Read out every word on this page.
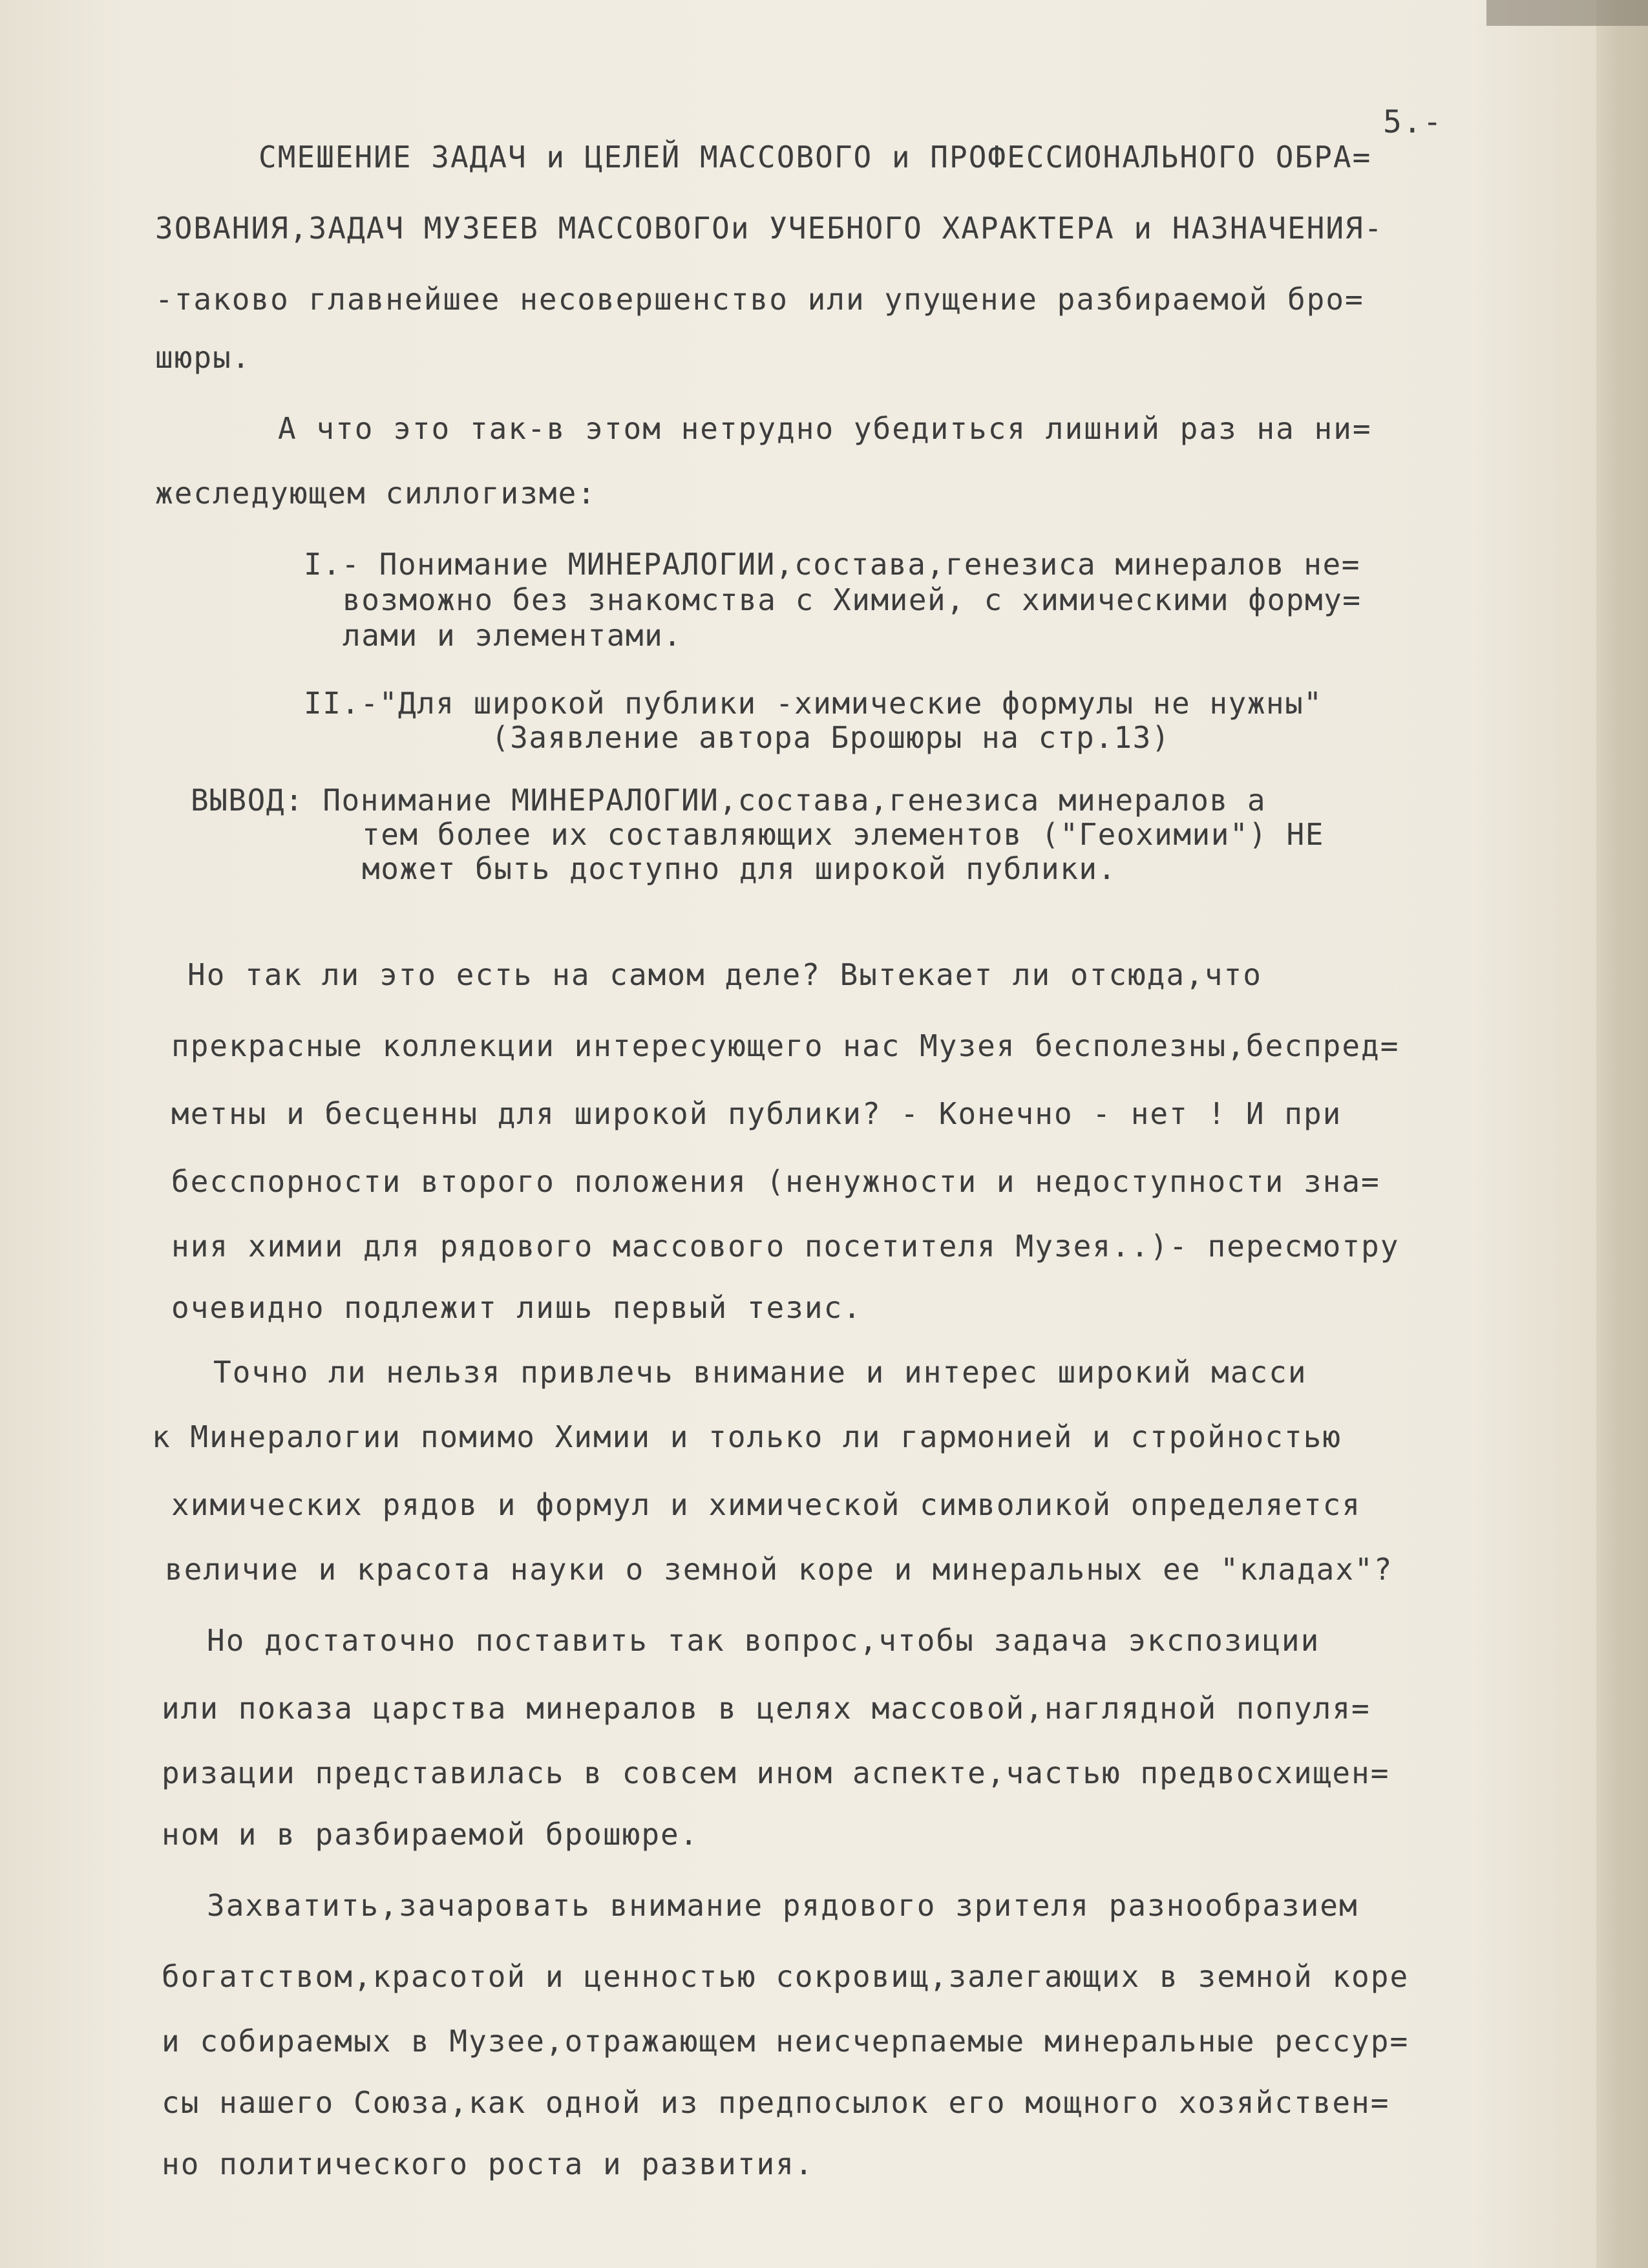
5.-

СМЕШЕНИЕ ЗАДАЧ и ЦЕЛЕЙ МАССОВОГО и ПРОФЕССИОНАЛЬНОГО ОБРА=

ЗОВАНИЯ,ЗАДАЧ МУЗЕЕВ МАССОВОГОи УЧЕБНОГО ХАРАКТЕРА и НАЗНАЧЕНИЯ-

-таково главнейшее несовершенство или упущение разбираемой бро=

шюры.

А что это так-в этом нетрудно убедиться лишний раз на ни=

жеследующем силлогизме:

I.- Понимание МИНЕРАЛОГИИ,состава,генезиса минералов не=

возможно без знакомства с Химией, с химическими форму=

лами и элементами.

II.-"Для широкой публики -химические формулы не нужны"

(Заявление автора Брошюры на стр.13)

ВЫВОД: Понимание МИНЕРАЛОГИИ,состава,генезиса минералов а

тем более их составляющих элементов ("Геохимии") НЕ

может быть доступно для широкой публики.

Но так ли это есть на самом деле? Вытекает ли отсюда,что

прекрасные коллекции интересующего нас Музея бесполезны,беспред=

метны и бесценны для широкой публики? - Конечно - нет ! И при

бесспорности второго положения (ненужности и недоступности зна=

ния химии для рядового массового посетителя Музея..)- пересмотру

очевидно подлежит лишь первый тезис.

Точно ли нельзя привлечь внимание и интерес широкий масси

к Минералогии помимо Химии и только ли гармонией и стройностью

химических рядов и формул и химической символикой определяется

величие и красота науки о земной коре и минеральных ее "кладах"?

Но достаточно поставить так вопрос,чтобы задача экспозиции

или показа царства минералов в целях массовой,наглядной популя=

ризации представилась в совсем ином аспекте,частью предвосхищен=

ном и в разбираемой брошюре.

Захватить,зачаровать внимание рядового зрителя разнообразием

богатством,красотой и ценностью сокровищ,залегающих в земной коре

и собираемых в Музее,отражающем неисчерпаемые минеральные рессур=

сы нашего Союза,как одной из предпосылок его мощного хозяйствен=

но политического роста и развития.
